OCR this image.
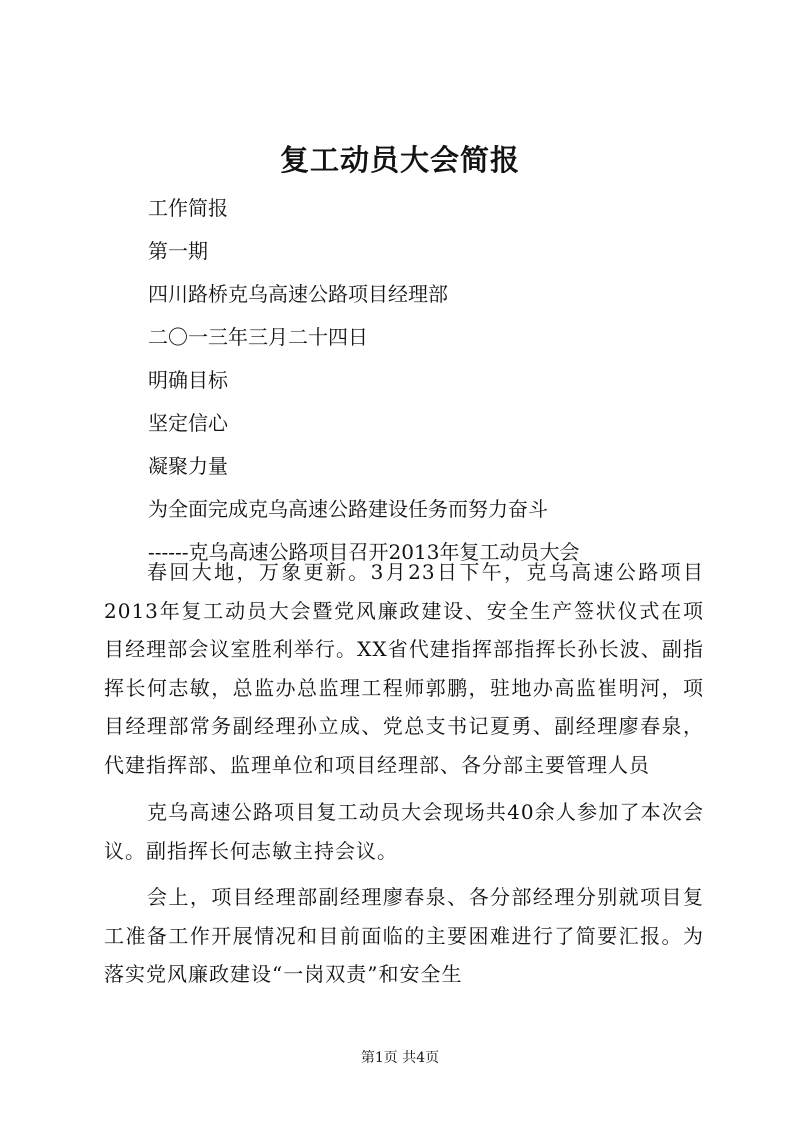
复工动员大会简报
工作简报
第一期
四川路桥克乌高速公路项目经理部
二〇一三年三月二十四日
明确目标
坚定信心
凝聚力量
为全面完成克乌高速公路建设任务而努力奋斗
------克乌高速公路项目召开2013年复工动员大会
春回大地，万象更新。3月23日下午，克乌高速公路项目2013年复工动员大会暨党风廉政建设、安全生产签状仪式在项目经理部会议室胜利举行。XX省代建指挥部指挥长孙长波、副指挥长何志敏，总监办总监理工程师郭鹏，驻地办高监崔明河，项目经理部常务副经理孙立成、党总支书记夏勇、副经理廖春泉，代建指挥部、监理单位和项目经理部、各分部主要管理人员
克乌高速公路项目复工动员大会现场共40余人参加了本次会议。副指挥长何志敏主持会议。
会上，项目经理部副经理廖春泉、各分部经理分别就项目复工准备工作开展情况和目前面临的主要困难进行了简要汇报。为落实党风廉政建设“一岗双责”和安全生
第1页 共4页
